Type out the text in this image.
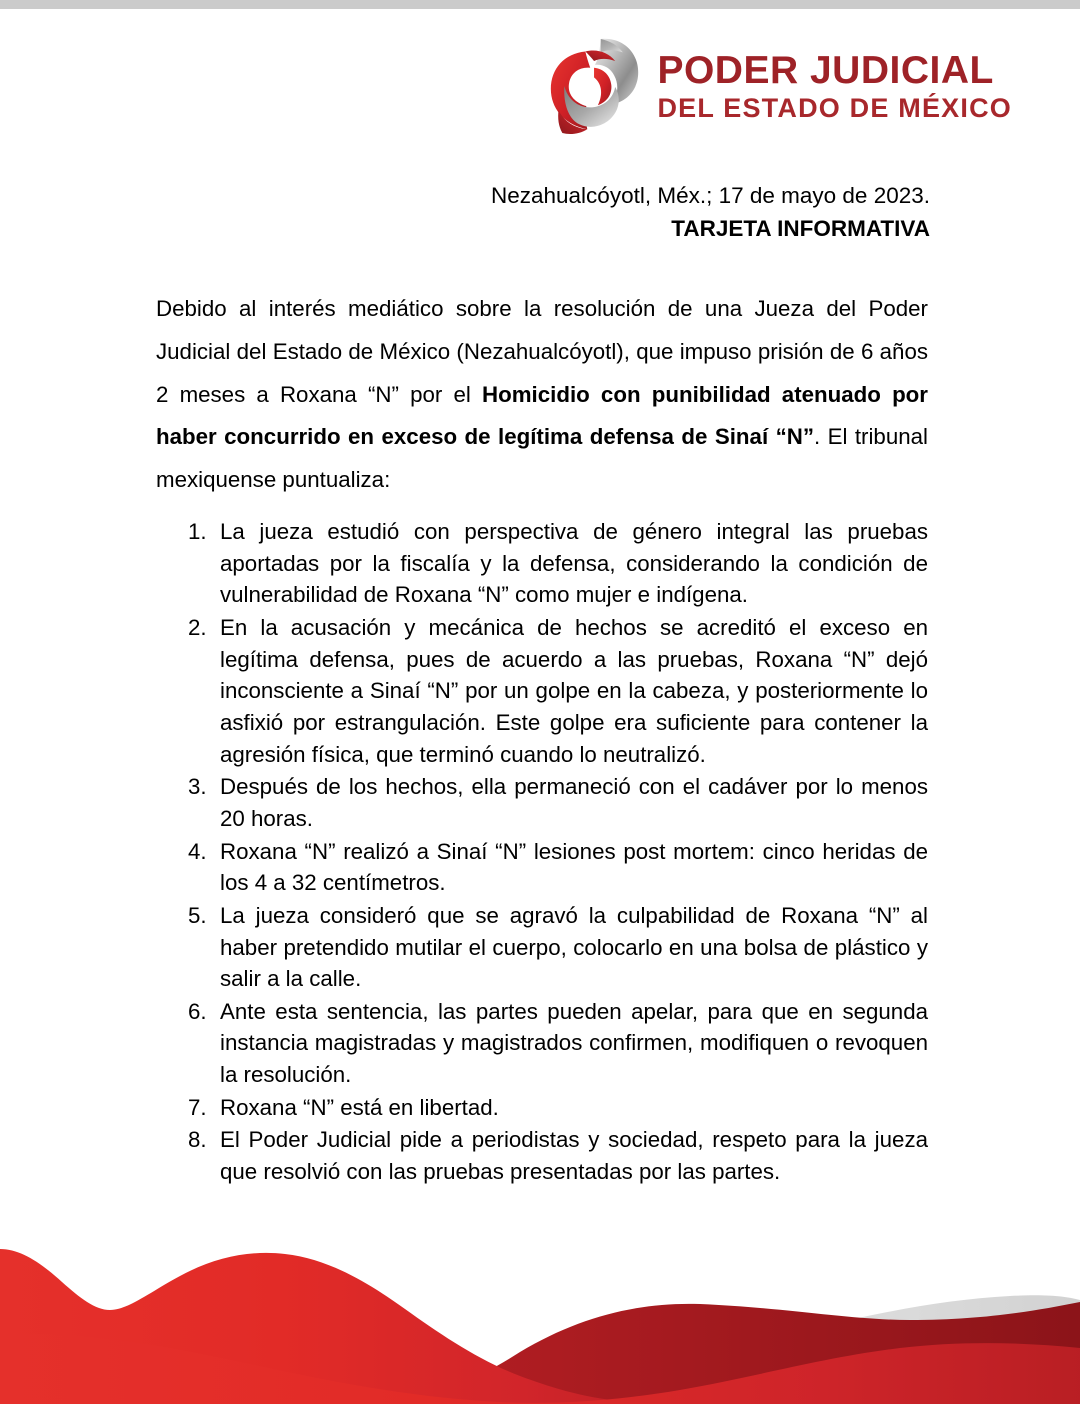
PODER JUDICIAL
DEL ESTADO DE MÉXICO
Nezahualcóyotl, Méx.; 17 de mayo de 2023.
TARJETA INFORMATIVA

Debido al interés mediático sobre la resolución de una Jueza del Poder Judicial del Estado de México (Nezahualcóyotl), que impuso prisión de 6 años 2 meses a Roxana “N” por el Homicidio con punibilidad atenuado por haber concurrido en exceso de legítima defensa de Sinaí “N”. El tribunal mexiquense puntualiza:

La jueza estudió con perspectiva de género integral las pruebas aportadas por la fiscalía y la defensa, considerando la condición de vulnerabilidad de Roxana “N” como mujer e indígena.
En la acusación y mecánica de hechos se acreditó el exceso en legítima defensa, pues de acuerdo a las pruebas, Roxana “N” dejó inconsciente a Sinaí “N” por un golpe en la cabeza, y posteriormente lo asfixió por estrangulación. Este golpe era suficiente para contener la agresión física, que terminó cuando lo neutralizó.
Después de los hechos, ella permaneció con el cadáver por lo menos 20 horas.
Roxana “N” realizó a Sinaí “N” lesiones post mortem: cinco heridas de los 4 a 32 centímetros.
La jueza consideró que se agravó la culpabilidad de Roxana “N” al haber pretendido mutilar el cuerpo, colocarlo en una bolsa de plástico y salir a la calle.
Ante esta sentencia, las partes pueden apelar, para que en segunda instancia magistradas y magistrados confirmen, modifiquen o revoquen la resolución.
Roxana “N” está en libertad.
El Poder Judicial pide a periodistas y sociedad, respeto para la jueza que resolvió con las pruebas presentadas por las partes.
